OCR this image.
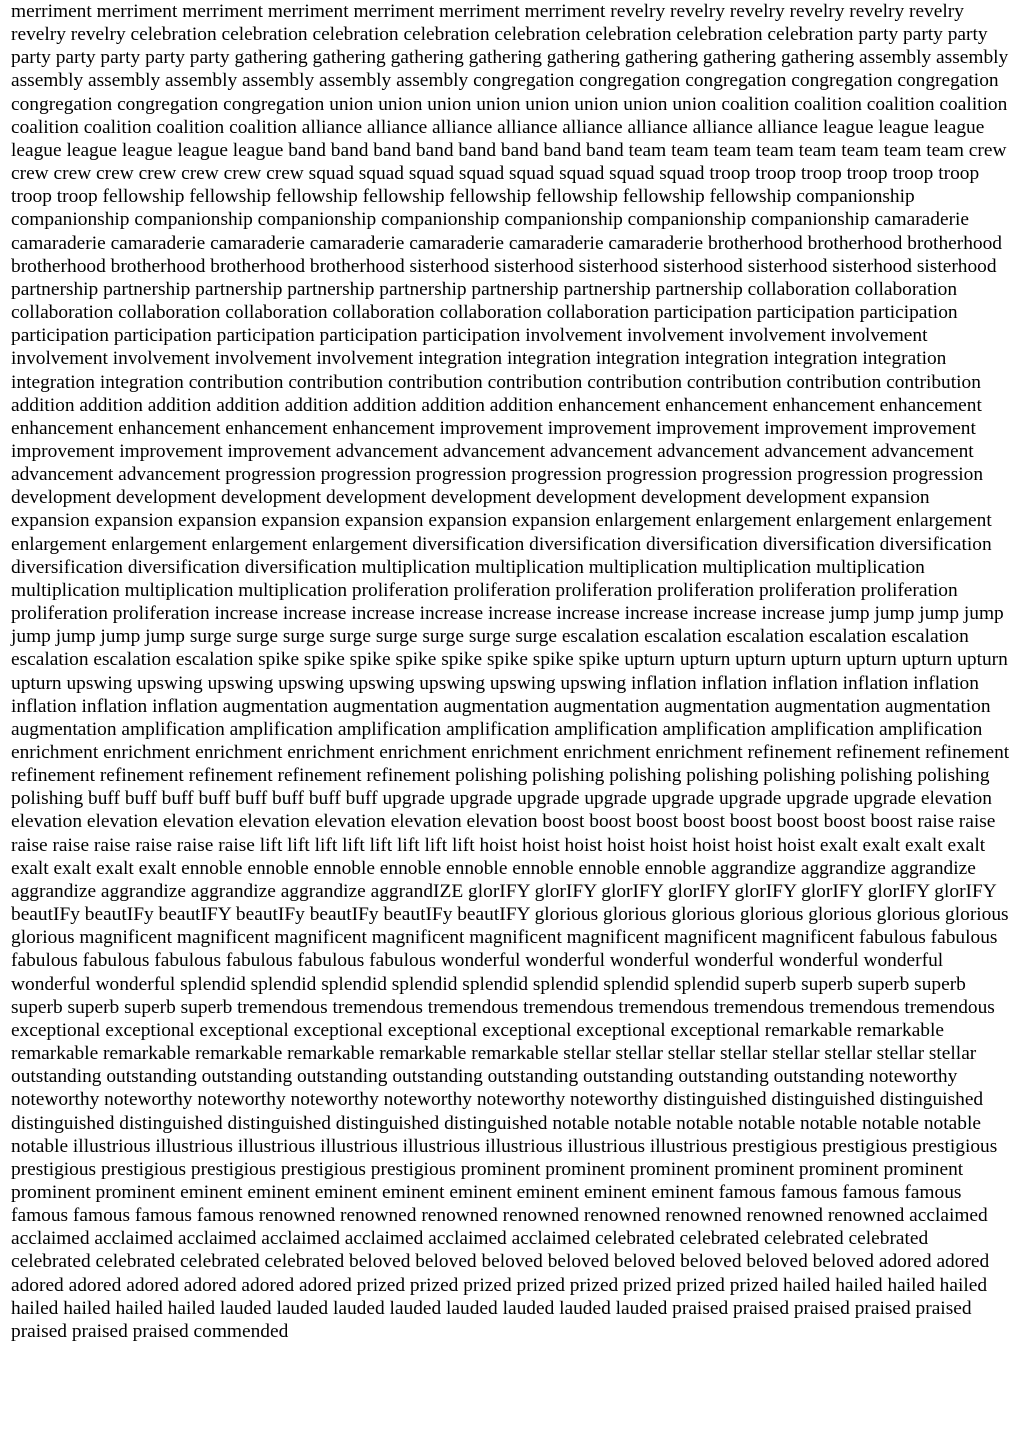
merriment merriment merriment merriment merriment merriment merriment revelry revelry revelry revelry revelry revelry revelry revelry celebration celebration celebration celebration celebration celebration celebration celebration party party party party party party party party gathering gathering gathering gathering gathering gathering gathering gathering assembly assembly assembly assembly assembly assembly assembly assembly congregation congregation congregation congregation congregation congregation congregation congregation union union union union union union union union coalition coalition coalition coalition coalition coalition coalition coalition alliance alliance alliance alliance alliance alliance alliance alliance league league league league league league league league band band band band band band band band team team team team team team team team crew crew crew crew crew crew crew crew squad squad squad squad squad squad squad squad troop troop troop troop troop troop troop troop fellowship fellowship fellowship fellowship fellowship fellowship fellowship fellowship companionship companionship companionship companionship companionship companionship companionship companionship camaraderie camaraderie camaraderie camaraderie camaraderie camaraderie camaraderie camaraderie brotherhood brotherhood brotherhood brotherhood brotherhood brotherhood brotherhood sisterhood sisterhood sisterhood sisterhood sisterhood sisterhood sisterhood partnership partnership partnership partnership partnership partnership partnership partnership collaboration collaboration collaboration collaboration collaboration collaboration collaboration collaboration participation participation participation participation participation participation participation participation involvement involvement involvement involvement involvement involvement involvement involvement integration integration integration integration integration integration integration integration contribution contribution contribution contribution contribution contribution contribution contribution addition addition addition addition addition addition addition addition enhancement enhancement enhancement enhancement enhancement enhancement enhancement enhancement improvement improvement improvement improvement improvement improvement improvement improvement advancement advancement advancement advancement advancement advancement advancement advancement progression progression progression progression progression progression progression progression development development development development development development development development expansion expansion expansion expansion expansion expansion expansion expansion enlargement enlargement enlargement enlargement enlargement enlargement enlargement enlargement diversification diversification diversification diversification diversification diversification diversification diversification multiplication multiplication multiplication multiplication multiplication multiplication multiplication multiplication proliferation proliferation proliferation proliferation proliferation proliferation proliferation proliferation increase increase increase increase increase increase increase increase increase jump jump jump jump jump jump jump jump surge surge surge surge surge surge surge surge escalation escalation escalation escalation escalation escalation escalation escalation spike spike spike spike spike spike spike spike upturn upturn upturn upturn upturn upturn upturn upturn upswing upswing upswing upswing upswing upswing upswing upswing inflation inflation inflation inflation inflation inflation inflation inflation augmentation augmentation augmentation augmentation augmentation augmentation augmentation augmentation amplification amplification amplification amplification amplification amplification amplification amplification enrichment enrichment enrichment enrichment enrichment enrichment enrichment enrichment refinement refinement refinement refinement refinement refinement refinement refinement polishing polishing polishing polishing polishing polishing polishing polishing buff buff buff buff buff buff buff buff upgrade upgrade upgrade upgrade upgrade upgrade upgrade upgrade elevation elevation elevation elevation elevation elevation elevation elevation boost boost boost boost boost boost boost boost raise raise raise raise raise raise raise raise lift lift lift lift lift lift lift lift hoist hoist hoist hoist hoist hoist hoist hoist exalt exalt exalt exalt exalt exalt exalt exalt ennoble ennoble ennoble ennoble ennoble ennoble ennoble ennoble aggrandize aggrandize aggrandize aggrandize aggrandize aggrandize aggrandize aggrandIZE glorIFY glorIFY glorIFY glorIFY glorIFY glorIFY glorIFY glorIFY beautIFy beautIFy beautIFY beautIFy beautIFy beautIFy beautIFY glorious glorious glorious glorious glorious glorious glorious glorious magnificent magnificent magnificent magnificent magnificent magnificent magnificent magnificent fabulous fabulous fabulous fabulous fabulous fabulous fabulous fabulous wonderful wonderful wonderful wonderful wonderful wonderful wonderful wonderful splendid splendid splendid splendid splendid splendid splendid splendid superb superb superb superb superb superb superb superb tremendous tremendous tremendous tremendous tremendous tremendous tremendous tremendous exceptional exceptional exceptional exceptional exceptional exceptional exceptional exceptional remarkable remarkable remarkable remarkable remarkable remarkable remarkable remarkable stellar stellar stellar stellar stellar stellar stellar stellar outstanding outstanding outstanding outstanding outstanding outstanding outstanding outstanding outstanding noteworthy noteworthy noteworthy noteworthy noteworthy noteworthy noteworthy noteworthy distinguished distinguished distinguished distinguished distinguished distinguished distinguished distinguished notable notable notable notable notable notable notable notable illustrious illustrious illustrious illustrious illustrious illustrious illustrious illustrious prestigious prestigious prestigious prestigious prestigious prestigious prestigious prestigious prominent prominent prominent prominent prominent prominent prominent prominent eminent eminent eminent eminent eminent eminent eminent eminent famous famous famous famous famous famous famous famous renowned renowned renowned renowned renowned renowned renowned renowned acclaimed acclaimed acclaimed acclaimed acclaimed acclaimed acclaimed acclaimed celebrated celebrated celebrated celebrated celebrated celebrated celebrated celebrated beloved beloved beloved beloved beloved beloved beloved beloved adored adored adored adored adored adored adored adored prized prized prized prized prized prized prized prized hailed hailed hailed hailed hailed hailed hailed hailed lauded lauded lauded lauded lauded lauded lauded lauded praised praised praised praised praised praised praised praised commended
